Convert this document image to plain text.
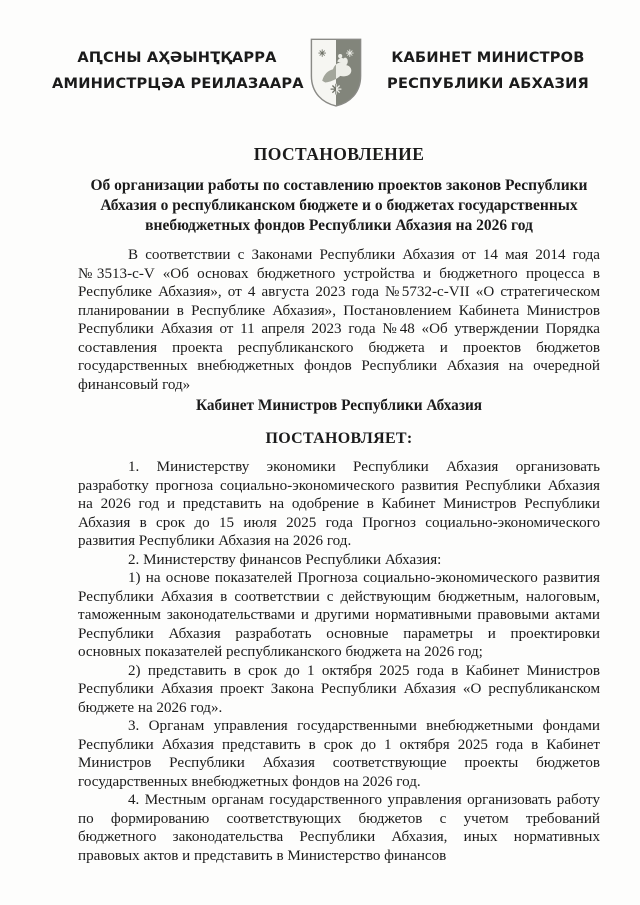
АԤСНЫ АҲӘЫНҬҚАРРА
АМИНИСТРЦӘА РЕИЛАЗААРА
КАБИНЕТ МИНИСТРОВ
РЕСПУБЛИКИ АБХАЗИЯ
ПОСТАНОВЛЕНИЕ
Об организации работы по составлению проектов законов Республики Абхазия о республиканском бюджете и о бюджетах государственных внебюджетных фондов Республики Абхазия на 2026 год

В соответствии с Законами Республики Абхазия от 14 мая 2014 года №3513-с-V «Об основах бюджетного устройства и бюджетного процесса в Республике Абхазия», от 4 августа 2023 года №5732-с-VII «О стратегическом планировании в Республике Абхазия», Постановлением Кабинета Министров Республики Абхазия от 11 апреля 2023 года №48 «Об утверждении Порядка составления проекта республиканского бюджета и проектов бюджетов государственных внебюджетных фондов Республики Абхазия на очередной финансовый год»

Кабинет Министров Республики Абхазия

ПОСТАНОВЛЯЕТ:

1. Министерству экономики Республики Абхазия организовать разработку прогноза социально-экономического развития Республики Абхазия на 2026 год и представить на одобрение в Кабинет Министров Республики Абхазия в срок до 15 июля 2025 года Прогноз социально-экономического развития Республики Абхазия на 2026 год.

2. Министерству финансов Республики Абхазия:

1) на основе показателей Прогноза социально-экономического развития Республики Абхазия в соответствии с действующим бюджетным, налоговым, таможенным законодательствами и другими нормативными правовыми актами Республики Абхазия разработать основные параметры и проектировки основных показателей республиканского бюджета на 2026 год;

2) представить в срок до 1 октября 2025 года в Кабинет Министров Республики Абхазия проект Закона Республики Абхазия «О республиканском бюджете на 2026 год».

3. Органам управления государственными внебюджетными фондами Республики Абхазия представить в срок до 1 октября 2025 года в Кабинет Министров Республики Абхазия соответствующие проекты бюджетов государственных внебюджетных фондов на 2026 год.

4. Местным органам государственного управления организовать работу по формированию соответствующих бюджетов с учетом требований бюджетного законодательства Республики Абхазия, иных нормативных правовых актов и представить в Министерство финансов
